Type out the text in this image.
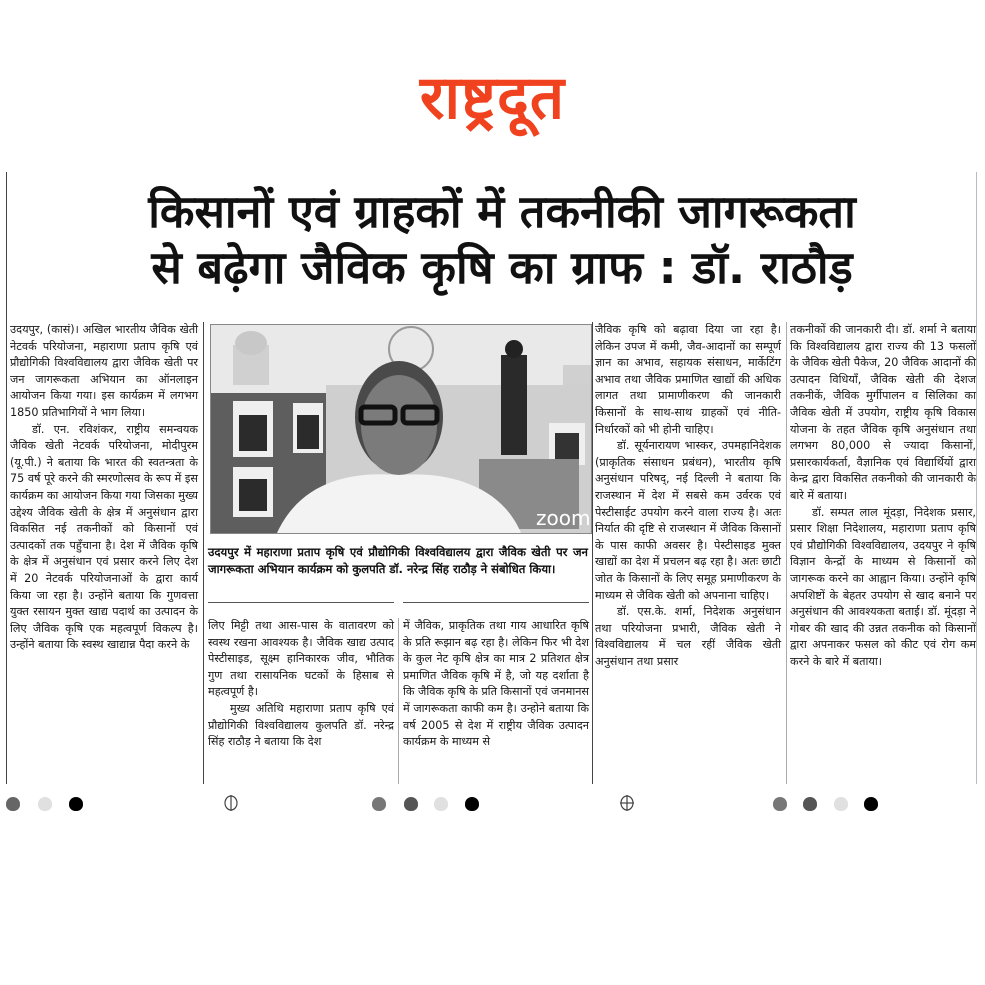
राष्ट्रदूत
किसानों एवं ग्राहकों में तकनीकी जागरूकता
से बढ़ेगा जैविक कृषि का ग्राफ : डॉ. राठौड़

उदयपुर, (कासं)। अखिल भारतीय जैविक खेती नेटवर्क परियोजना, महाराणा प्रताप कृषि एवं प्रौद्योगिकी विश्वविद्यालय द्वारा जैविक खेती पर जन जागरूकता अभियान का ऑनलाइन आयोजन किया गया। इस कार्यक्रम में लगभग 1850 प्रतिभागियों ने भाग लिया।

डॉ. एन. रविशंकर, राष्ट्रीय समन्वयक जैविक खेती नेटवर्क परियोजना, मोदीपुरम (यू.पी.) ने बताया कि भारत की स्वतन्त्रता के 75 वर्ष पूरे करने की स्मरणोत्सव के रूप में इस कार्यक्रम का आयोजन किया गया जिसका मुख्य उद्देश्य जैविक खेती के क्षेत्र में अनुसंधान द्वारा विकसित नई तकनीकों को किसानों एवं उत्पादकों तक पहुँचाना है। देश में जैविक कृषि के क्षेत्र में अनुसंधान एवं प्रसार करने लिए देश में 20 नेटवर्क परियोजनाओं के द्वारा कार्य किया जा रहा है। उन्होंने बताया कि गुणवत्ता युक्त रसायन मुक्त खाद्य पदार्थ का उत्पादन के लिए जैविक कृषि एक महत्वपूर्ण विकल्प है। उन्होंने बताया कि स्वस्थ खाद्यान्न पैदा करने के

zoom
उदयपुर में महाराणा प्रताप कृषि एवं प्रौद्योगिकी विश्वविद्यालय द्वारा जैविक खेती पर जन जागरूकता अभियान कार्यक्रम को कुलपति डॉ. नरेन्द्र सिंह राठौड़ ने संबोधित किया।

लिए मिट्टी तथा आस-पास के वातावरण को स्वस्थ रखना आवश्यक है। जैविक खाद्य उत्पाद पेस्टीसाइड, सूक्ष्म हानिकारक जीव, भौतिक गुण तथा रासायनिक घटकों के हिसाब से महत्वपूर्ण है।

मुख्य अतिथि महाराणा प्रताप कृषि एवं प्रौद्योगिकी विश्वविद्यालय कुलपति डॉ. नरेन्द्र सिंह राठौड़ ने बताया कि देश

में जैविक, प्राकृतिक तथा गाय आधारित कृषि के प्रति रूझान बढ़ रहा है। लेकिन फिर भी देश के कुल नेट कृषि क्षेत्र का मात्र 2 प्रतिशत क्षेत्र प्रमाणित जैविक कृषि में है, जो यह दर्शाता है कि जैविक कृषि के प्रति किसानों एवं जनमानस में जागरूकता काफी कम है। उन्होने बताया कि वर्ष 2005 से देश में राष्ट्रीय जैविक उत्पादन कार्यक्रम के माध्यम से

जैविक कृषि को बढ़ावा दिया जा रहा है। लेकिन उपज में कमी, जैव-आदानों का सम्पूर्ण ज्ञान का अभाव, सहायक संसाधन, मार्केटिंग अभाव तथा जैविक प्रमाणित खाद्यों की अधिक लागत तथा प्रामाणीकरण की जानकारी किसानों के साथ-साथ ग्राहकों एवं नीति-निर्धारकों को भी होनी चाहिए।

डॉ. सूर्यनारायण भास्कर, उपमहानिदेशक (प्राकृतिक संसाधन प्रबंधन), भारतीय कृषि अनुसंधान परिषद्, नई दिल्ली ने बताया कि राजस्थान में देश में सबसे कम उर्वरक एवं पेस्टीसाईट उपयोग करने वाला राज्य है। अतः निर्यात की दृष्टि से राजस्थान में जैविक किसानों के पास काफी अवसर है। पेस्टीसाइड मुक्त खाद्यों का देश में प्रचलन बढ़ रहा है। अतः छाटी जोत के किसानों के लिए समूह प्रमाणीकरण के माध्यम से जैविक खेती को अपनाना चाहिए।

डॉ. एस.के. शर्मा, निदेशक अनुसंधान तथा परियोजना प्रभारी, जैविक खेती ने विश्वविद्यालय में चल रहीं जैविक खेती अनुसंधान तथा प्रसार

तकनीकों की जानकारी दी। डॉ. शर्मा ने बताया कि विश्वविद्यालय द्वारा राज्य की 13 फसलों के जैविक खेती पैकेज, 20 जैविक आदानों की उत्पादन विधियाँ, जैविक खेती की देशज तकनीकें, जैविक मुर्गीपालन व सिलिका का जैविक खेती में उपयोग, राष्ट्रीय कृषि विकास योजना के तहत जैविक कृषि अनुसंधान तथा लगभग 80,000 से ज्यादा किसानों, प्रसारकार्यकर्ता, वैज्ञानिक एवं विद्यार्थियों द्वारा केन्द्र द्वारा विकसित तकनीको की जानकारी के बारे में बताया।

डॉ. सम्पत लाल मूंदड़ा, निदेशक प्रसार, प्रसार शिक्षा निदेशालय, महाराणा प्रताप कृषि एवं प्रौद्योगिकी विश्वविद्यालय, उदयपुर ने कृषि विज्ञान केन्द्रों के माध्यम से किसानों को जागरूक करने का आह्वान किया। उन्होंने कृषि अपशिष्टों के बेहतर उपयोग से खाद बनाने पर अनुसंधान की आवश्यकता बताई। डॉ. मूंदड़ा ने गोबर की खाद की उन्नत तकनीक को किसानों द्वारा अपनाकर फसल को कीट एवं रोग कम करने के बारे में बताया।
